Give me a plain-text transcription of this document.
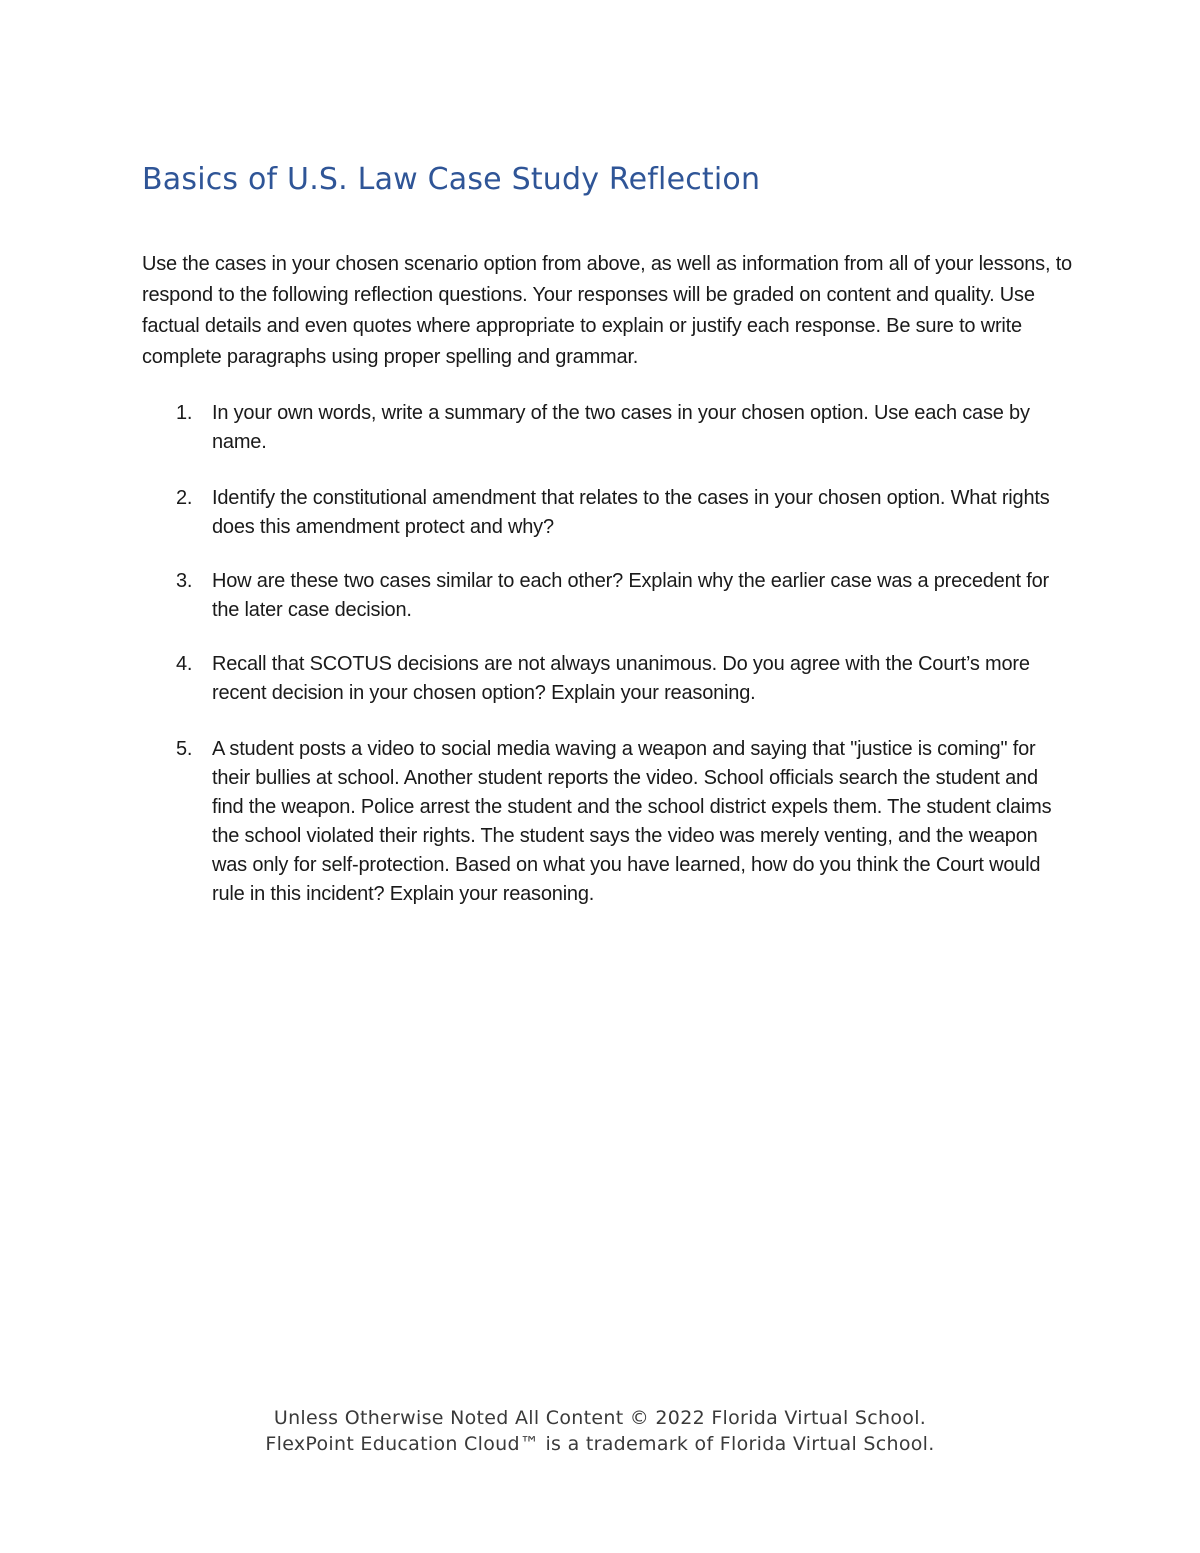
Basics of U.S. Law Case Study Reflection

Use the cases in your chosen scenario option from above, as well as information from all of your lessons, to respond to the following reflection questions. Your responses will be graded on content and quality. Use factual details and even quotes where appropriate to explain or justify each response. Be sure to write complete paragraphs using proper spelling and grammar.

1. In your own words, write a summary of the two cases in your chosen option. Use each case by name.
2. Identify the constitutional amendment that relates to the cases in your chosen option. What rights does this amendment protect and why?
3. How are these two cases similar to each other? Explain why the earlier case was a precedent for the later case decision.
4. Recall that SCOTUS decisions are not always unanimous. Do you agree with the Court’s more recent decision in your chosen option? Explain your reasoning.
5. A student posts a video to social media waving a weapon and saying that "justice is coming" for their bullies at school. Another student reports the video. School officials search the student and find the weapon. Police arrest the student and the school district expels them. The student claims the school violated their rights. The student says the video was merely venting, and the weapon was only for self-protection. Based on what you have learned, how do you think the Court would rule in this incident? Explain your reasoning.
Unless Otherwise Noted All Content © 2022 Florida Virtual School.
FlexPoint Education Cloud™ is a trademark of Florida Virtual School.
